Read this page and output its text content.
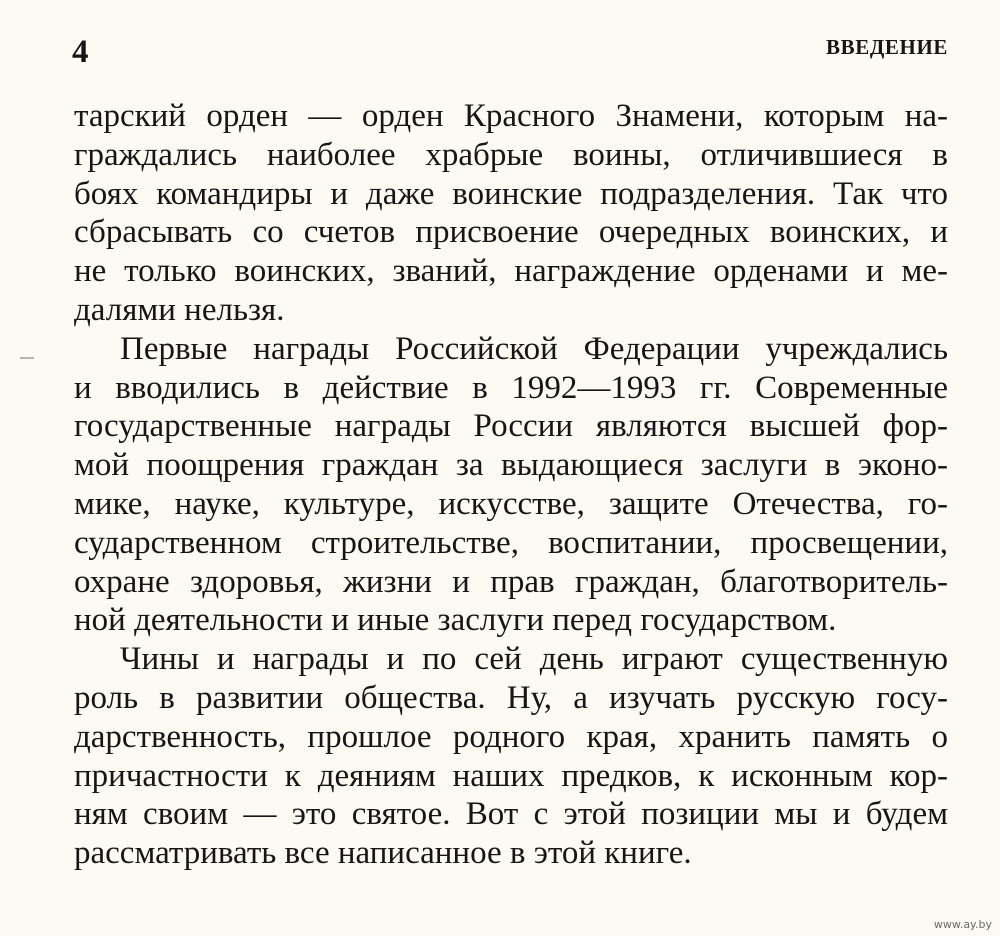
4	ВВЕДЕНИЕ
тарский орден — орден Красного Знамени, которым на-
граждались наиболее храбрые воины, отличившиеся в
боях командиры и даже воинские подразделения. Так что
сбрасывать со счетов присвоение очередных воинских, и
не только воинских, званий, награждение орденами и ме-
далями нельзя.
Первые награды Российской Федерации учреждались
и вводились в действие в 1992—1993 гг. Современные
государственные награды России являются высшей фор-
мой поощрения граждан за выдающиеся заслуги в эконо-
мике, науке, культуре, искусстве, защите Отечества, го-
сударственном строительстве, воспитании, просвещении,
охране здоровья, жизни и прав граждан, благотворитель-
ной деятельности и иные заслуги перед государством.
Чины и награды и по сей день играют существенную
роль в развитии общества. Ну, а изучать русскую госу-
дарственность, прошлое родного края, хранить память о
причастности к деяниям наших предков, к исконным кор-
ням своим — это святое. Вот с этой позиции мы и будем
рассматривать все написанное в этой книге.
www.ay.by
